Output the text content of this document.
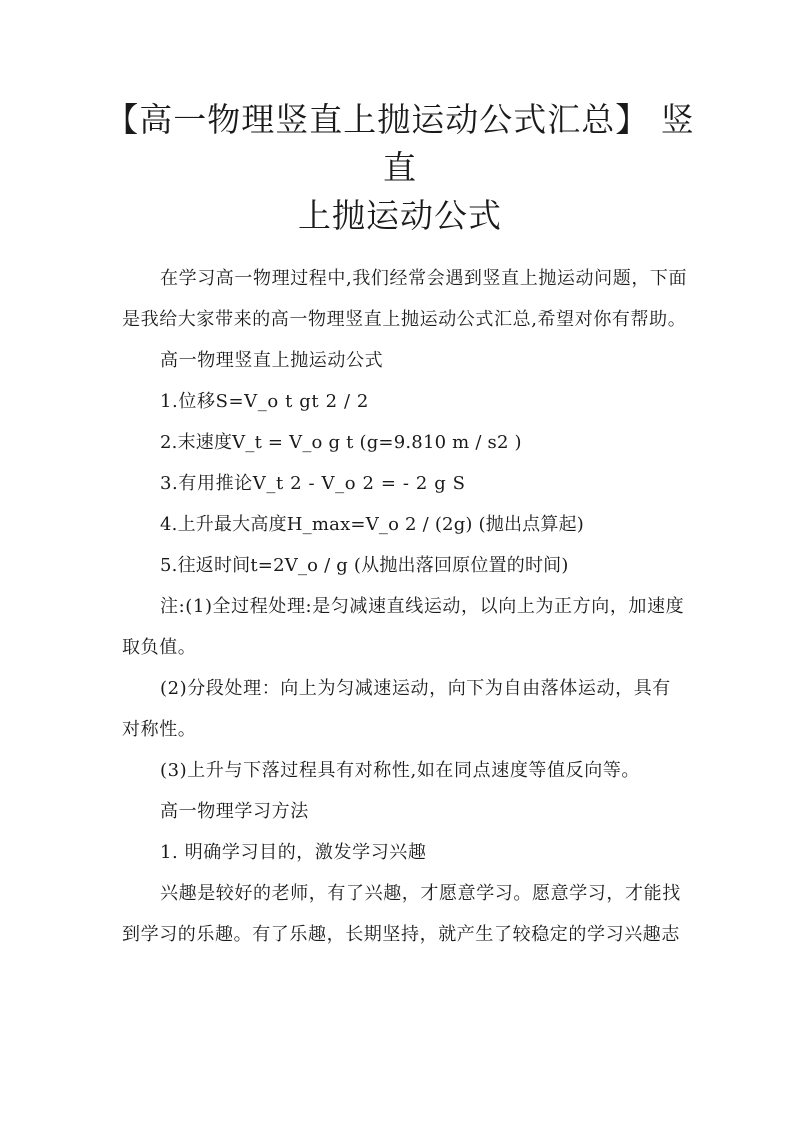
【高一物理竖直上抛运动公式汇总】 竖直
上抛运动公式

在学习高一物理过程中,我们经常会遇到竖直上抛运动问题，下面是我给大家带来的高一物理竖直上抛运动公式汇总,希望对你有帮助。

高一物理竖直上抛运动公式

1.位移S=V_o t gt 2 / 2

2.末速度V_t = V_o g t (g=9.810 m / s2 )

3.有用推论V_t 2 - V_o 2 = - 2 g S

4.上升最大高度H_max=V_o 2 / (2g) (抛出点算起)

5.往返时间t=2V_o / g (从抛出落回原位置的时间)

注:(1)全过程处理:是匀减速直线运动，以向上为正方向，加速度取负值。

(2)分段处理：向上为匀减速运动，向下为自由落体运动，具有对称性。

(3)上升与下落过程具有对称性,如在同点速度等值反向等。

高一物理学习方法

1. 明确学习目的，激发学习兴趣

兴趣是较好的老师，有了兴趣，才愿意学习。愿意学习，才能找到学习的乐趣。有了乐趣，长期坚持，就产生了较稳定的学习兴趣志
